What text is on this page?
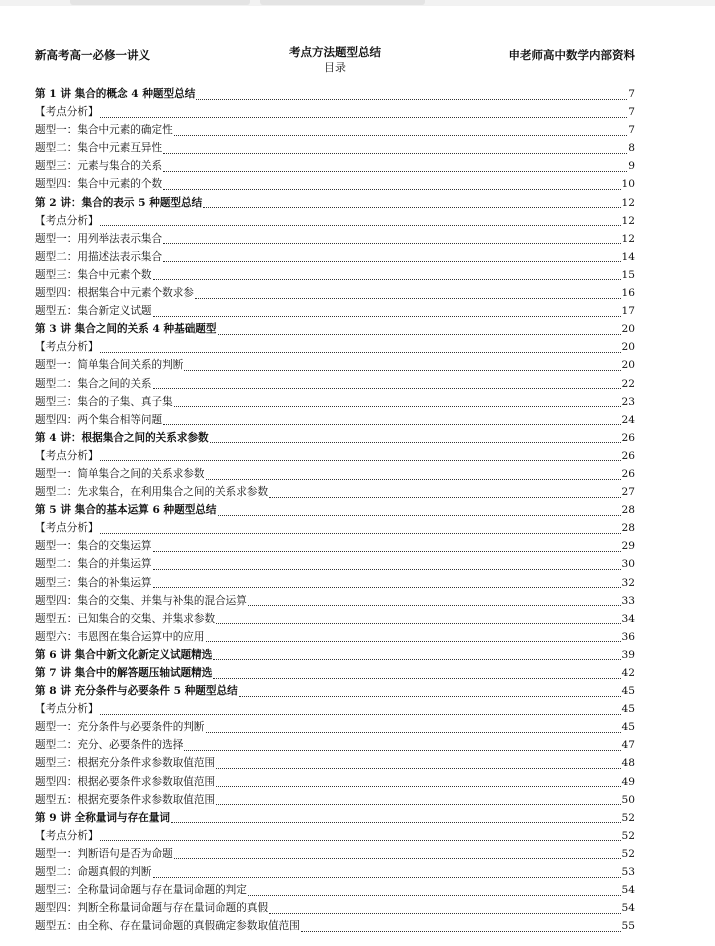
新高考高一必修一讲义	考点方法题型总结
目录
申老师高中数学内部资料
第 1 讲 集合的概念 4 种题型总结	7
【考点分析】	7
题型一：集合中元素的确定性	7
题型二：集合中元素互异性	8
题型三：元素与集合的关系	9
题型四：集合中元素的个数	10
第 2 讲：集合的表示 5 种题型总结	12
【考点分析】	12
题型一：用列举法表示集合	12
题型二：用描述法表示集合	14
题型三：集合中元素个数	15
题型四：根据集合中元素个数求参	16
题型五：集合新定义试题	17
第 3 讲 集合之间的关系 4 种基础题型	20
【考点分析】	20
题型一：简单集合间关系的判断	20
题型二：集合之间的关系	22
题型三：集合的子集、真子集	23
题型四：两个集合相等问题	24
第 4 讲：根据集合之间的关系求参数	26
【考点分析】	26
题型一：简单集合之间的关系求参数	26
题型二：先求集合，在利用集合之间的关系求参数	27
第 5 讲 集合的基本运算 6 种题型总结	28
【考点分析】	28
题型一：集合的交集运算	29
题型二：集合的并集运算	30
题型三：集合的补集运算	32
题型四：集合的交集、并集与补集的混合运算	33
题型五：已知集合的交集、并集求参数	34
题型六：韦恩图在集合运算中的应用	36
第 6 讲 集合中新文化新定义试题精选	39
第 7 讲 集合中的解答题压轴试题精选	42
第 8 讲 充分条件与必要条件 5 种题型总结	45
【考点分析】	45
题型一：充分条件与必要条件的判断	45
题型二：充分、必要条件的选择	47
题型三：根据充分条件求参数取值范围	48
题型四：根据必要条件求参数取值范围	49
题型五：根据充要条件求参数取值范围	50
第 9 讲 全称量词与存在量词	52
【考点分析】	52
题型一：判断语句是否为命题	52
题型二：命题真假的判断	53
题型三：全称量词命题与存在量词命题的判定	54
题型四：判断全称量词命题与存在量词命题的真假	54
题型五：由全称、存在量词命题的真假确定参数取值范围	55
